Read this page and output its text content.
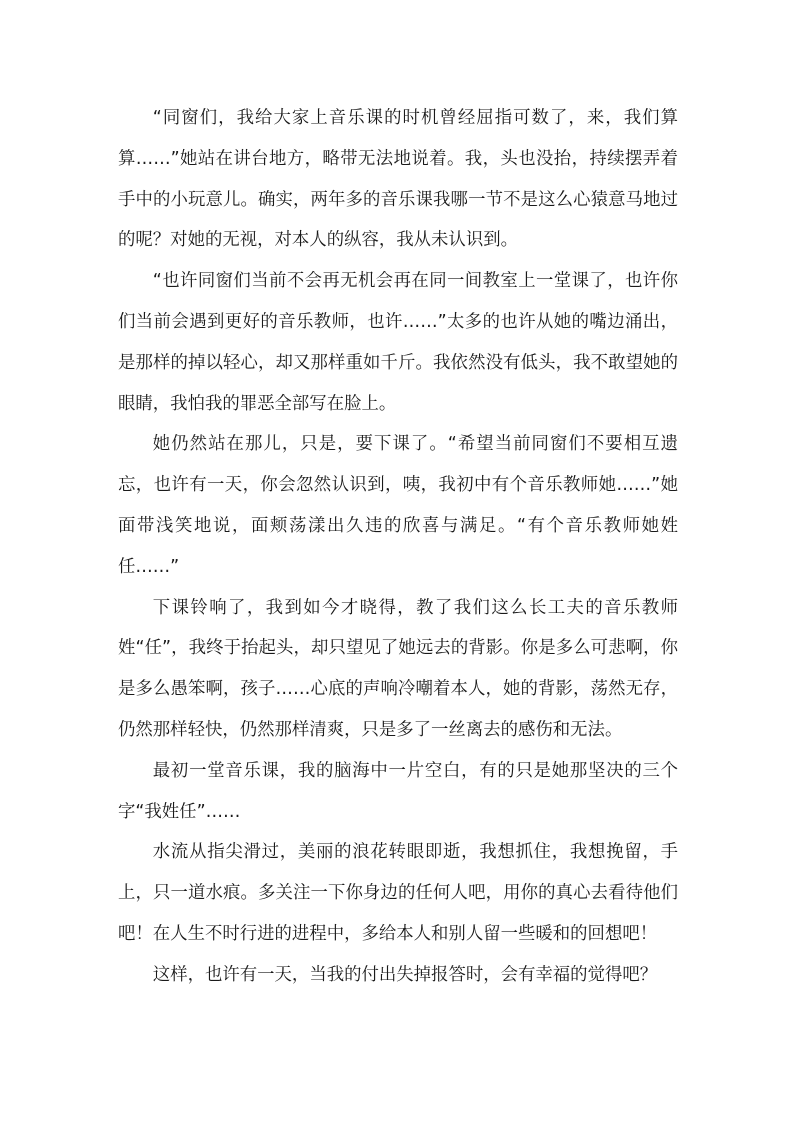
“同窗们，我给大家上音乐课的时机曾经屈指可数了，来，我们算算……”她站在讲台地方，略带无法地说着。我，头也没抬，持续摆弄着手中的小玩意儿。确实，两年多的音乐课我哪一节不是这么心猿意马地过的呢？对她的无视，对本人的纵容，我从未认识到。

“也许同窗们当前不会再无机会再在同一间教室上一堂课了，也许你们当前会遇到更好的音乐教师，也许……”太多的也许从她的嘴边涌出，是那样的掉以轻心，却又那样重如千斤。我依然没有低头，我不敢望她的眼睛，我怕我的罪恶全部写在脸上。

她仍然站在那儿，只是，要下课了。“希望当前同窗们不要相互遗忘，也许有一天，你会忽然认识到，咦，我初中有个音乐教师她……”她面带浅笑地说，面颊荡漾出久违的欣喜与满足。“有个音乐教师她姓任……”

下课铃响了，我到如今才晓得，教了我们这么长工夫的音乐教师姓“任”，我终于抬起头，却只望见了她远去的背影。你是多么可悲啊，你是多么愚笨啊，孩子……心底的声响冷嘲着本人，她的背影，荡然无存，仍然那样轻快，仍然那样清爽，只是多了一丝离去的感伤和无法。

最初一堂音乐课，我的脑海中一片空白，有的只是她那坚决的三个字“我姓任”……

水流从指尖滑过，美丽的浪花转眼即逝，我想抓住，我想挽留，手上，只一道水痕。多关注一下你身边的任何人吧，用你的真心去看待他们吧！在人生不时行进的进程中，多给本人和别人留一些暖和的回想吧！

这样，也许有一天，当我的付出失掉报答时，会有幸福的觉得吧？
